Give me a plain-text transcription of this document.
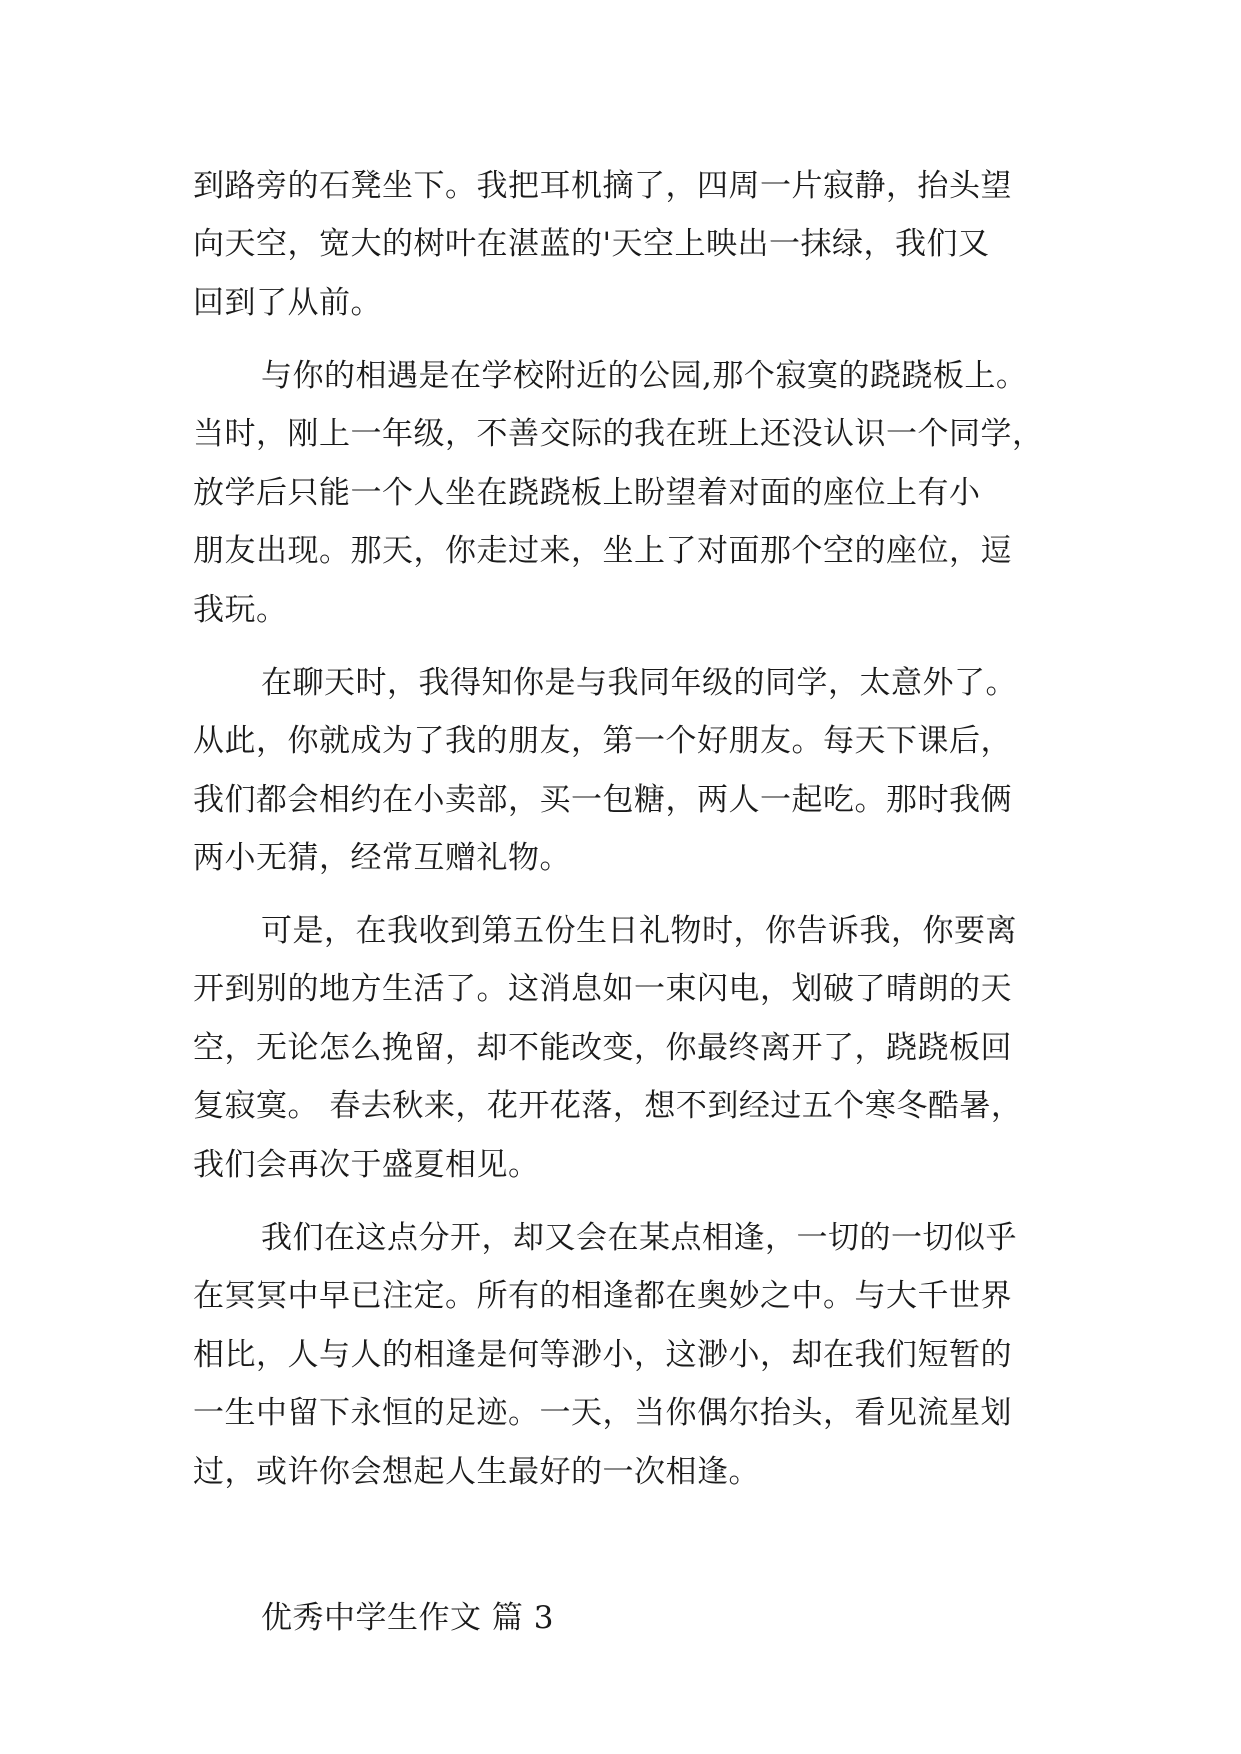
到路旁的石凳坐下。我把耳机摘了，四周一片寂静，抬头望
向天空，宽大的树叶在湛蓝的'天空上映出一抹绿，我们又
回到了从前。
与你的相遇是在学校附近的公园,那个寂寞的跷跷板上。
当时，刚上一年级，不善交际的我在班上还没认识一个同学，
放学后只能一个人坐在跷跷板上盼望着对面的座位上有小
朋友出现。那天，你走过来，坐上了对面那个空的座位，逗
我玩。
在聊天时，我得知你是与我同年级的同学，太意外了。
从此，你就成为了我的朋友，第一个好朋友。每天下课后，
我们都会相约在小卖部，买一包糖，两人一起吃。那时我俩
两小无猜，经常互赠礼物。
可是，在我收到第五份生日礼物时，你告诉我，你要离
开到别的地方生活了。这消息如一束闪电，划破了晴朗的天
空，无论怎么挽留，却不能改变，你最终离开了，跷跷板回
复寂寞。 春去秋来，花开花落，想不到经过五个寒冬酷暑，
我们会再次于盛夏相见。
我们在这点分开，却又会在某点相逢，一切的一切似乎
在冥冥中早已注定。所有的相逢都在奥妙之中。与大千世界
相比，人与人的相逢是何等渺小，这渺小，却在我们短暂的
一生中留下永恒的足迹。一天，当你偶尔抬头，看见流星划
过，或许你会想起人生最好的一次相逢。
优秀中学生作文 篇 3
